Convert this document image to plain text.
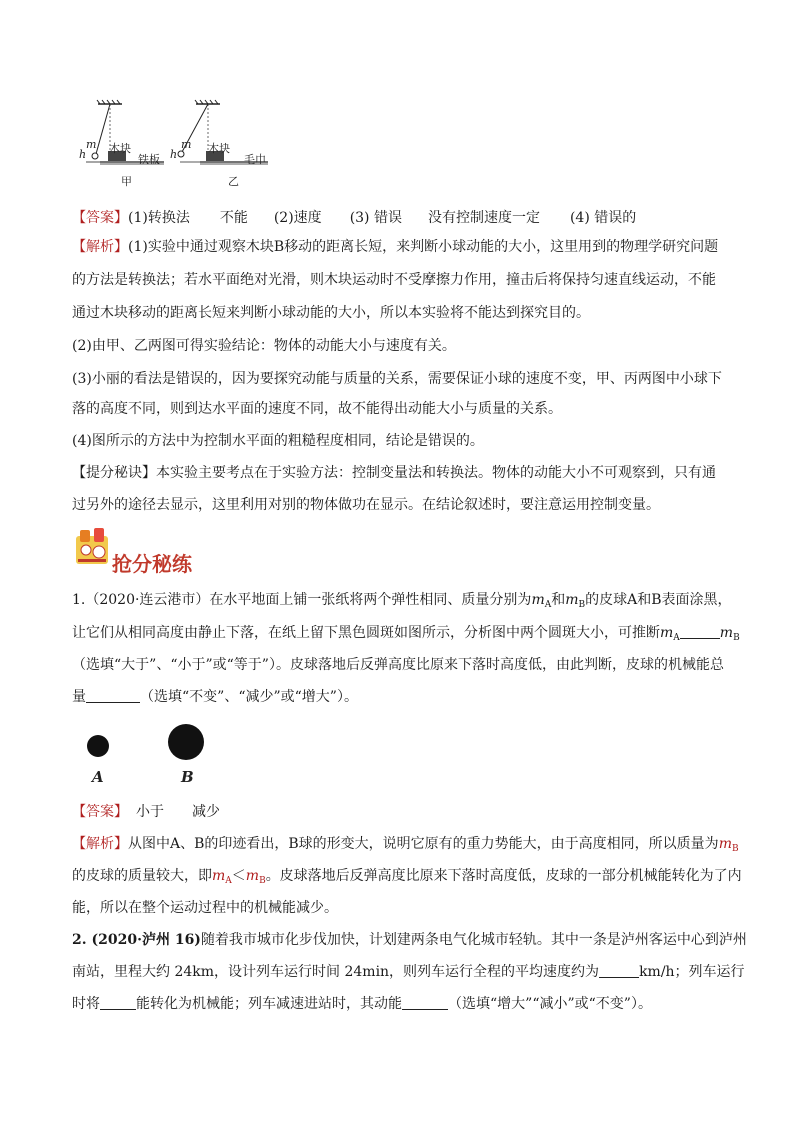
m
h 木块
铁板
甲
m
h	木块
毛巾
乙
【答案】(1)转换法 不能 (2)速度 (3) 错误 没有控制速度一定 (4) 错误的
【解析】(1)实验中通过观察木块B移动的距离长短，来判断小球动能的大小，这里用到的物理学研究问题
的方法是转换法；若水平面绝对光滑，则木块运动时不受摩擦力作用，撞击后将保持匀速直线运动，不能
通过木块移动的距离长短来判断小球动能的大小，所以本实验将不能达到探究目的。
(2)由甲、乙两图可得实验结论：物体的动能大小与速度有关。
(3)小丽的看法是错误的，因为要探究动能与质量的关系，需要保证小球的速度不变，甲、丙两图中小球下
落的高度不同，则到达水平面的速度不同，故不能得出动能大小与质量的关系。
(4)图所示的方法中为控制水平面的粗糙程度相同，结论是错误的。
【提分秘诀】本实验主要考点在于实验方法：控制变量法和转换法。物体的动能大小不可观察到，只有通
过另外的途径去显示，这里利用对别的物体做功在显示。在结论叙述时，要注意运用控制变量。
抢分秘练
1.（2020·连云港市）在水平地面上铺一张纸将两个弹性相同、质量分别为$m_A$和$m_B$的皮球A和B表面涂黑，
让它们从相同高度由静止下落，在纸上留下黑色圆斑如图所示，分析图中两个圆斑大小，可推断$m_A$	$m_B$
（选填“大于”、“小于”或“等于”）。皮球落地后反弹高度比原来下落时高度低，由此判断，皮球的机械能总
量	（选填“不变”、“减少”或“增大”）。
A	B
【答案】 小于 减少
【解析】从图中A、B的印迹看出，B球的形变大，说明它原有的重力势能大，由于高度相同，所以质量为$m_B$
的皮球的质量较大，即$m_A<m_B$。皮球落地后反弹高度比原来下落时高度低，皮球的一部分机械能转化为了内
能，所以在整个运动过程中的机械能减少。
2. (2020·泸州 16)随着我市城市化步伐加快，计划建两条电气化城市轻轨。其中一条是泸州客运中心到泸州
南站，里程大约 24km，设计列车运行时间 24min，则列车运行全程的平均速度约为	km/h；列车运行
时将	能转化为机械能；列车减速进站时，其动能	（选填“增大”“减小”或“不变”）。
